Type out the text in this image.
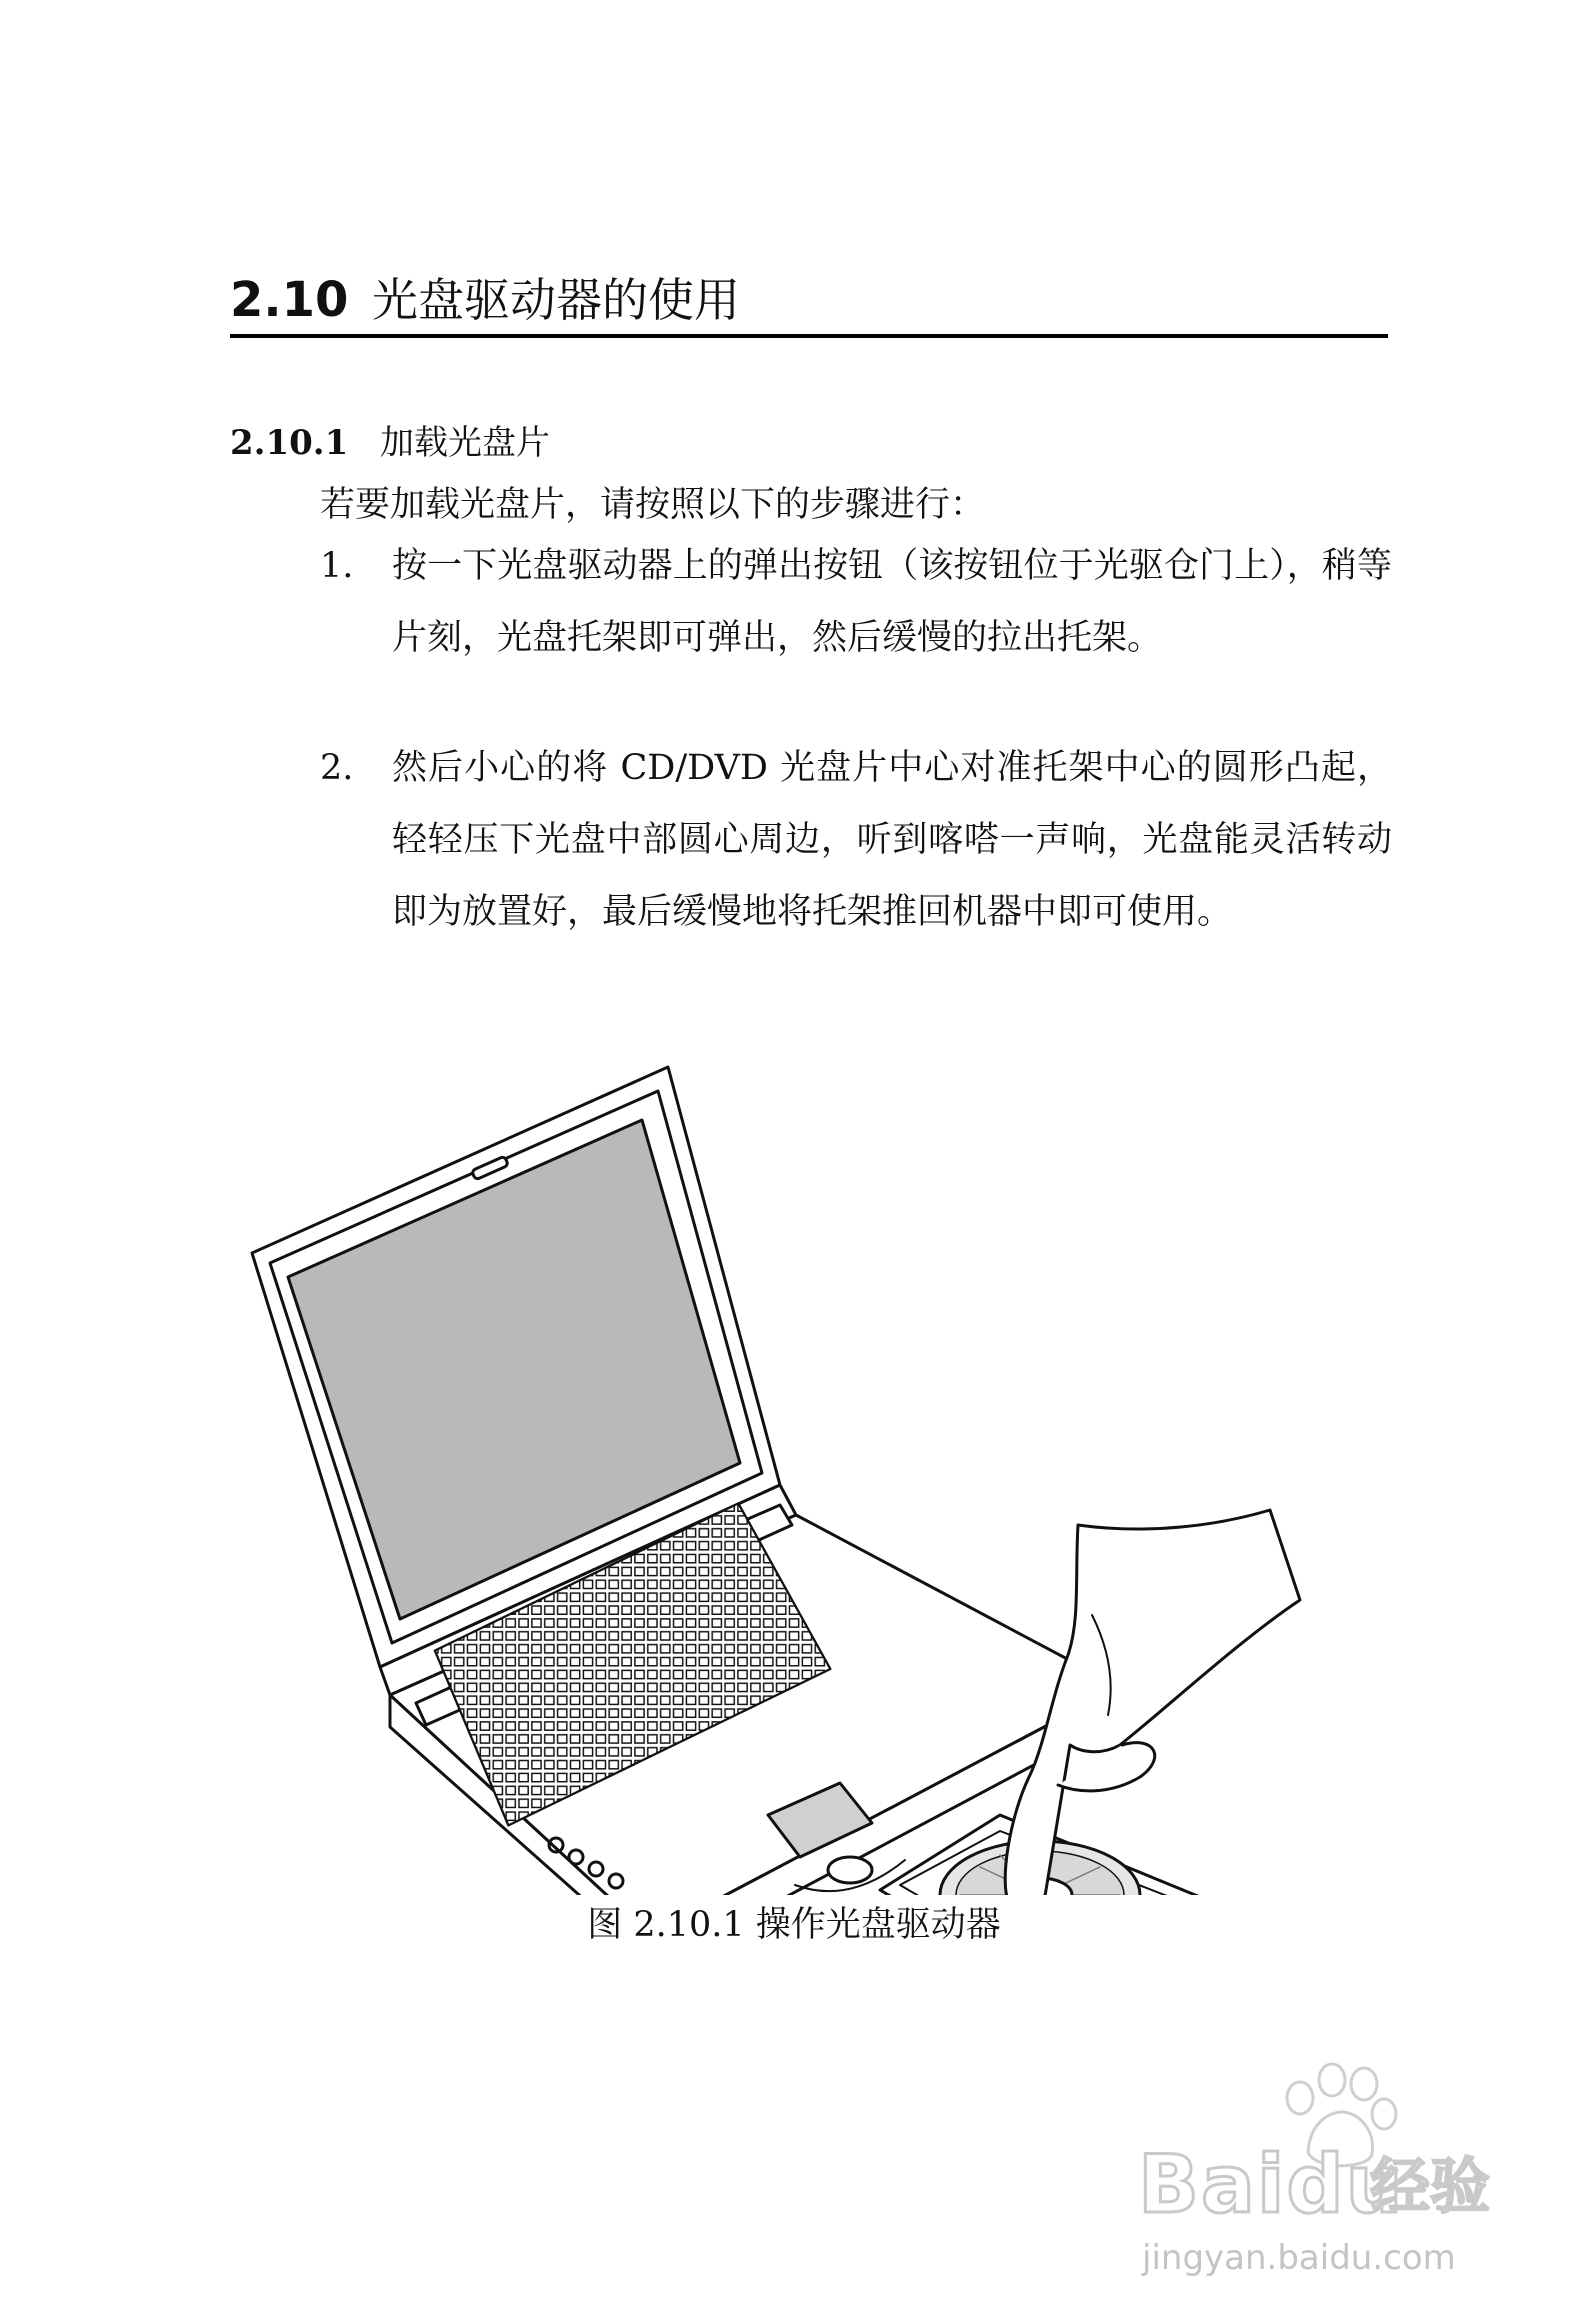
2.10 光盘驱动器的使用
2.10.1 加载光盘片
若要加载光盘片，请按照以下的步骤进行：
1. 按一下光盘驱动器上的弹出按钮（该按钮位于光驱仓门上），稍等片刻，光盘托架即可弹出，然后缓慢的拉出托架。
2. 然后小心的将 CD/DVD 光盘片中心对准托架中心的圆形凸起，轻轻压下光盘中部圆心周边，听到喀嗒一声响，光盘能灵活转动即为放置好，最后缓慢地将托架推回机器中即可使用。
图 2.10.1 操作光盘驱动器
Baidu
经验
jingyan.baidu.com
